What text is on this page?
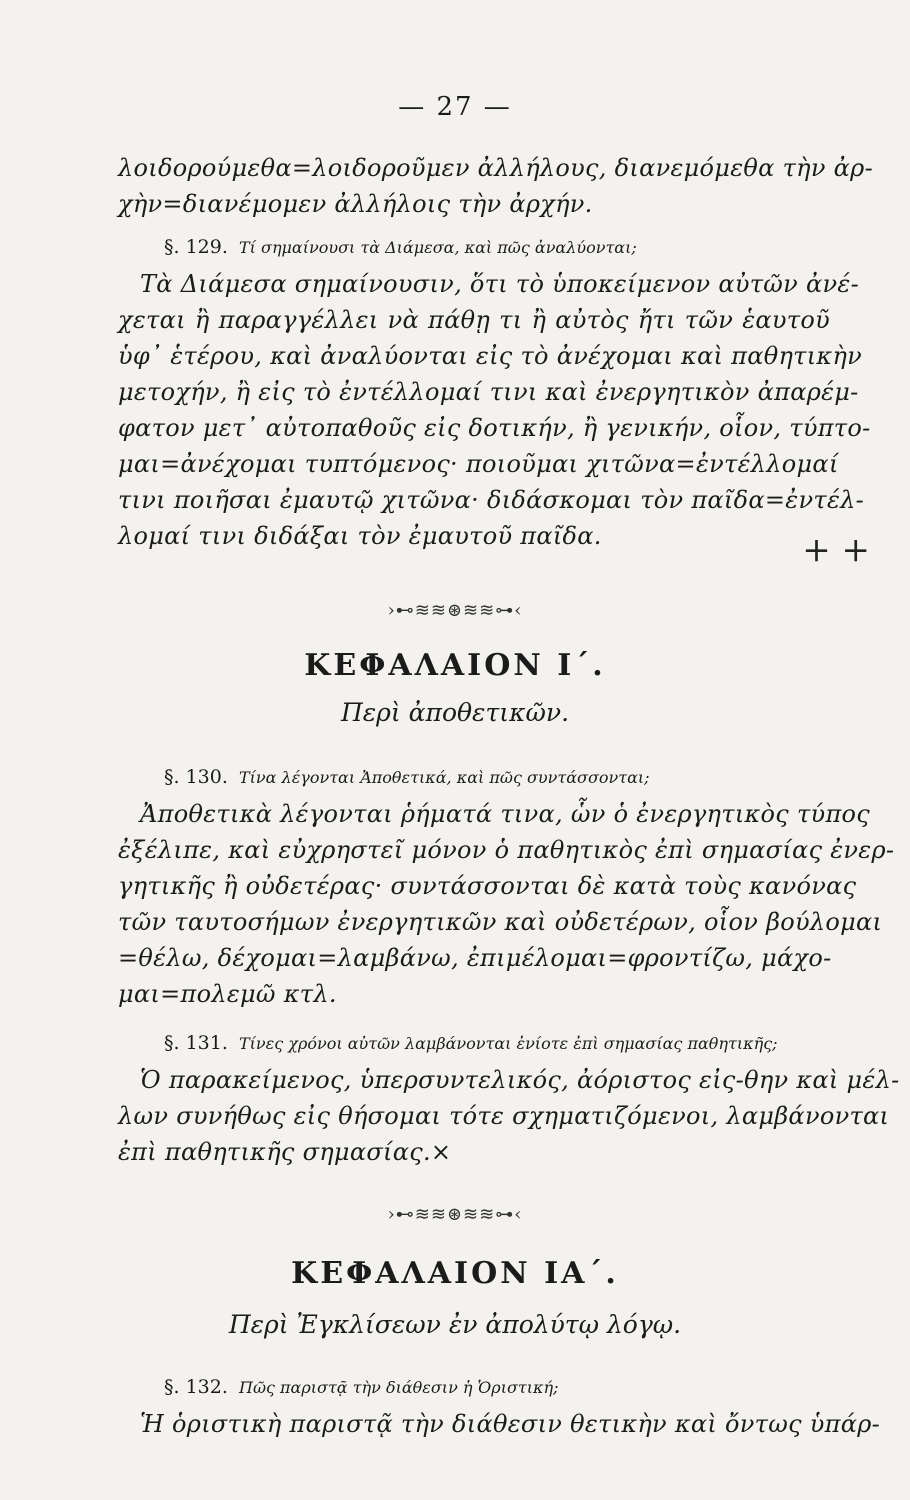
— 27 —
λοιδορούμεθα=λοιδοροῦμεν ἀλλήλους, διανεμόμεθα τὴν ἀρ-
χὴν=διανέμομεν ἀλλήλοις τὴν ἀρχήν.
§. 129. Τί σημαίνουσι τὰ Διάμεσα, καὶ πῶς ἀναλύονται;
Τὰ Διάμεσα σημαίνουσιν, ὅτι τὸ ὑποκείμενον αὐτῶν ἀνέ-
χεται ἢ παραγγέλλει νὰ πάθῃ τι ἢ αὐτὸς ἤτι τῶν ἑαυτοῦ
ὑφ᾽ ἑτέρου, καὶ ἀναλύονται εἰς τὸ ἀνέχομαι καὶ παθητικὴν
μετοχήν, ἢ εἰς τὸ ἐντέλλομαί τινι καὶ ἐνεργητικὸν ἀπαρέμ-
φατον μετ᾽ αὐτοπαθοῦς εἰς δοτικήν, ἢ γενικήν, οἷον, τύπτο-
μαι=ἀνέχομαι τυπτόμενος· ποιοῦμαι χιτῶνα=ἐντέλλομαί
τινι ποιῆσαι ἐμαυτῷ χιτῶνα· διδάσκομαι τὸν παῖδα=ἐντέλ-
λομαί τινι διδάξαι τὸν ἐμαυτοῦ παῖδα.	+ +
›⊷≋≋⊛≋≋⊶‹
ΚΕΦΑΛΑΙΟΝ Ι΄.
Περὶ ἀποθετικῶν.
§. 130. Τίνα λέγονται Ἀποθετικά, καὶ πῶς συντάσσονται;
Ἀποθετικὰ λέγονται ῥήματά τινα, ὧν ὁ ἐνεργητικὸς τύπος
ἐξέλιπε, καὶ εὐχρηστεῖ μόνον ὁ παθητικὸς ἐπὶ σημασίας ἐνερ-
γητικῆς ἢ οὐδετέρας· συντάσσονται δὲ κατὰ τοὺς κανόνας
τῶν ταυτοσήμων ἐνεργητικῶν καὶ οὐδετέρων, οἷον βούλομαι
=θέλω, δέχομαι=λαμβάνω, ἐπιμέλομαι=φροντίζω, μάχο-
μαι=πολεμῶ κτλ.
§. 131. Τίνες χρόνοι αὐτῶν λαμβάνονται ἐνίοτε ἐπὶ σημασίας παθητικῆς;
Ὁ παρακείμενος, ὑπερσυντελικός, ἀόριστος εἰς-θην καὶ μέλ-
λων συνήθως εἰς θήσομαι τότε σχηματιζόμενοι, λαμβάνονται
ἐπὶ παθητικῆς σημασίας.×
›⊷≋≋⊛≋≋⊶‹
ΚΕΦΑΛΑΙΟΝ ΙΑ΄.
Περὶ Ἐγκλίσεων ἐν ἀπολύτῳ λόγῳ.
§. 132. Πῶς παριστᾷ τὴν διάθεσιν ἡ Ὁριστική;
Ἡ ὁριστικὴ παριστᾷ τὴν διάθεσιν θετικὴν καὶ ὄντως ὑπάρ-
